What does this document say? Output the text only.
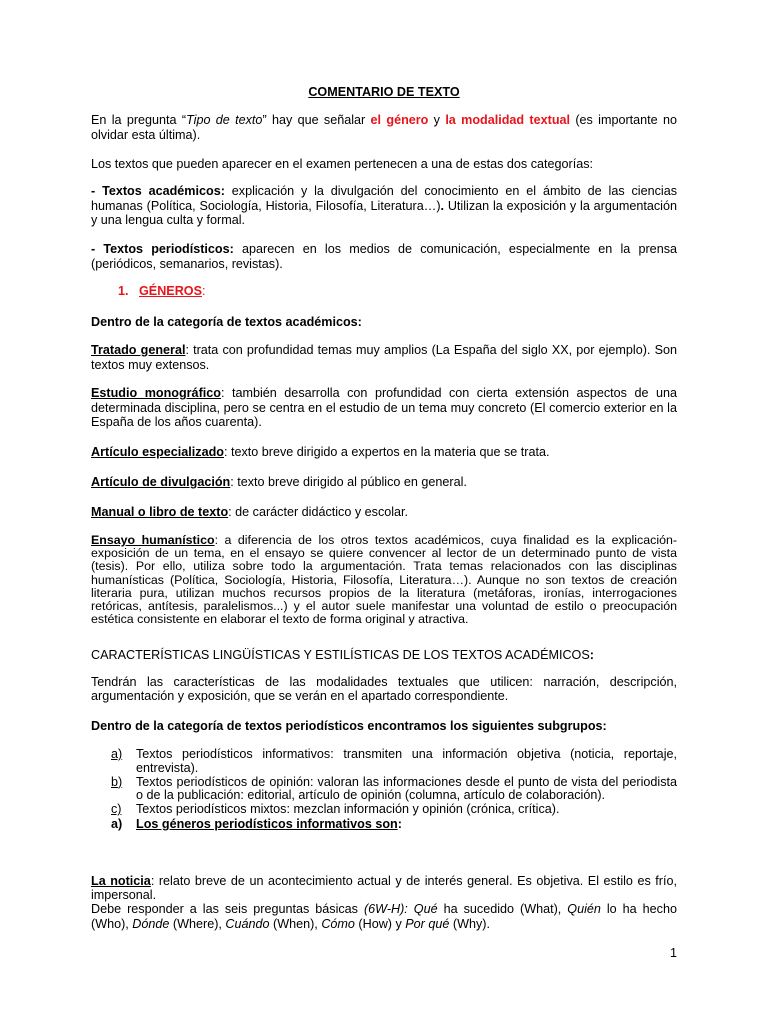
COMENTARIO DE TEXTO

En la pregunta “Tipo de texto” hay que señalar el género y la modalidad textual (es importante no olvidar esta última).

Los textos que pueden aparecer en el examen pertenecen a una de estas dos categorías:

- Textos académicos: explicación y la divulgación del conocimiento en el ámbito de las ciencias humanas (Política, Sociología, Historia, Filosofía, Literatura…). Utilizan la exposición y la argumentación y una lengua culta y formal.

- Textos periodísticos: aparecen en los medios de comunicación, especialmente en la prensa (periódicos, semanarios, revistas).

1. GÉNEROS:

Dentro de la categoría de textos académicos:

Tratado general: trata con profundidad temas muy amplios (La España del siglo XX, por ejemplo). Son textos muy extensos.

Estudio monográfico: también desarrolla con profundidad con cierta extensión aspectos de una determinada disciplina, pero se centra en el estudio de un tema muy concreto (El comercio exterior en la España de los años cuarenta).

Artículo especializado: texto breve dirigido a expertos en la materia que se trata.

Artículo de divulgación: texto breve dirigido al público en general.

Manual o libro de texto: de carácter didáctico y escolar.

Ensayo humanístico: a diferencia de los otros textos académicos, cuya finalidad es la explicación-exposición de un tema, en el ensayo se quiere convencer al lector de un determinado punto de vista (tesis). Por ello, utiliza sobre todo la argumentación. Trata temas relacionados con las disciplinas humanísticas (Política, Sociología, Historia, Filosofía, Literatura…). Aunque no son textos de creación literaria pura, utilizan muchos recursos propios de la literatura (metáforas, ironías, interrogaciones retóricas, antítesis, paralelismos...) y el autor suele manifestar una voluntad de estilo o preocupación estética consistente en elaborar el texto de forma original y atractiva.

CARACTERÍSTICAS LINGÜÍSTICAS Y ESTILÍSTICAS DE LOS TEXTOS ACADÉMICOS:

Tendrán las características de las modalidades textuales que utilicen: narración, descripción, argumentación y exposición, que se verán en el apartado correspondiente.

Dentro de la categoría de textos periodísticos encontramos los siguientes subgrupos:

a) Textos periodísticos informativos: transmiten una información objetiva (noticia, reportaje, entrevista).
b) Textos periodísticos de opinión: valoran las informaciones desde el punto de vista del periodista o de la publicación: editorial, artículo de opinión (columna, artículo de colaboración).
c) Textos periodísticos mixtos: mezclan información y opinión (crónica, crítica).
a) Los géneros periodísticos informativos son:

La noticia: relato breve de un acontecimiento actual y de interés general. Es objetiva. El estilo es frío, impersonal.
Debe responder a las seis preguntas básicas (6W-H): Qué ha sucedido (What), Quién lo ha hecho (Who), Dónde (Where), Cuándo (When), Cómo (How) y Por qué (Why).

1
